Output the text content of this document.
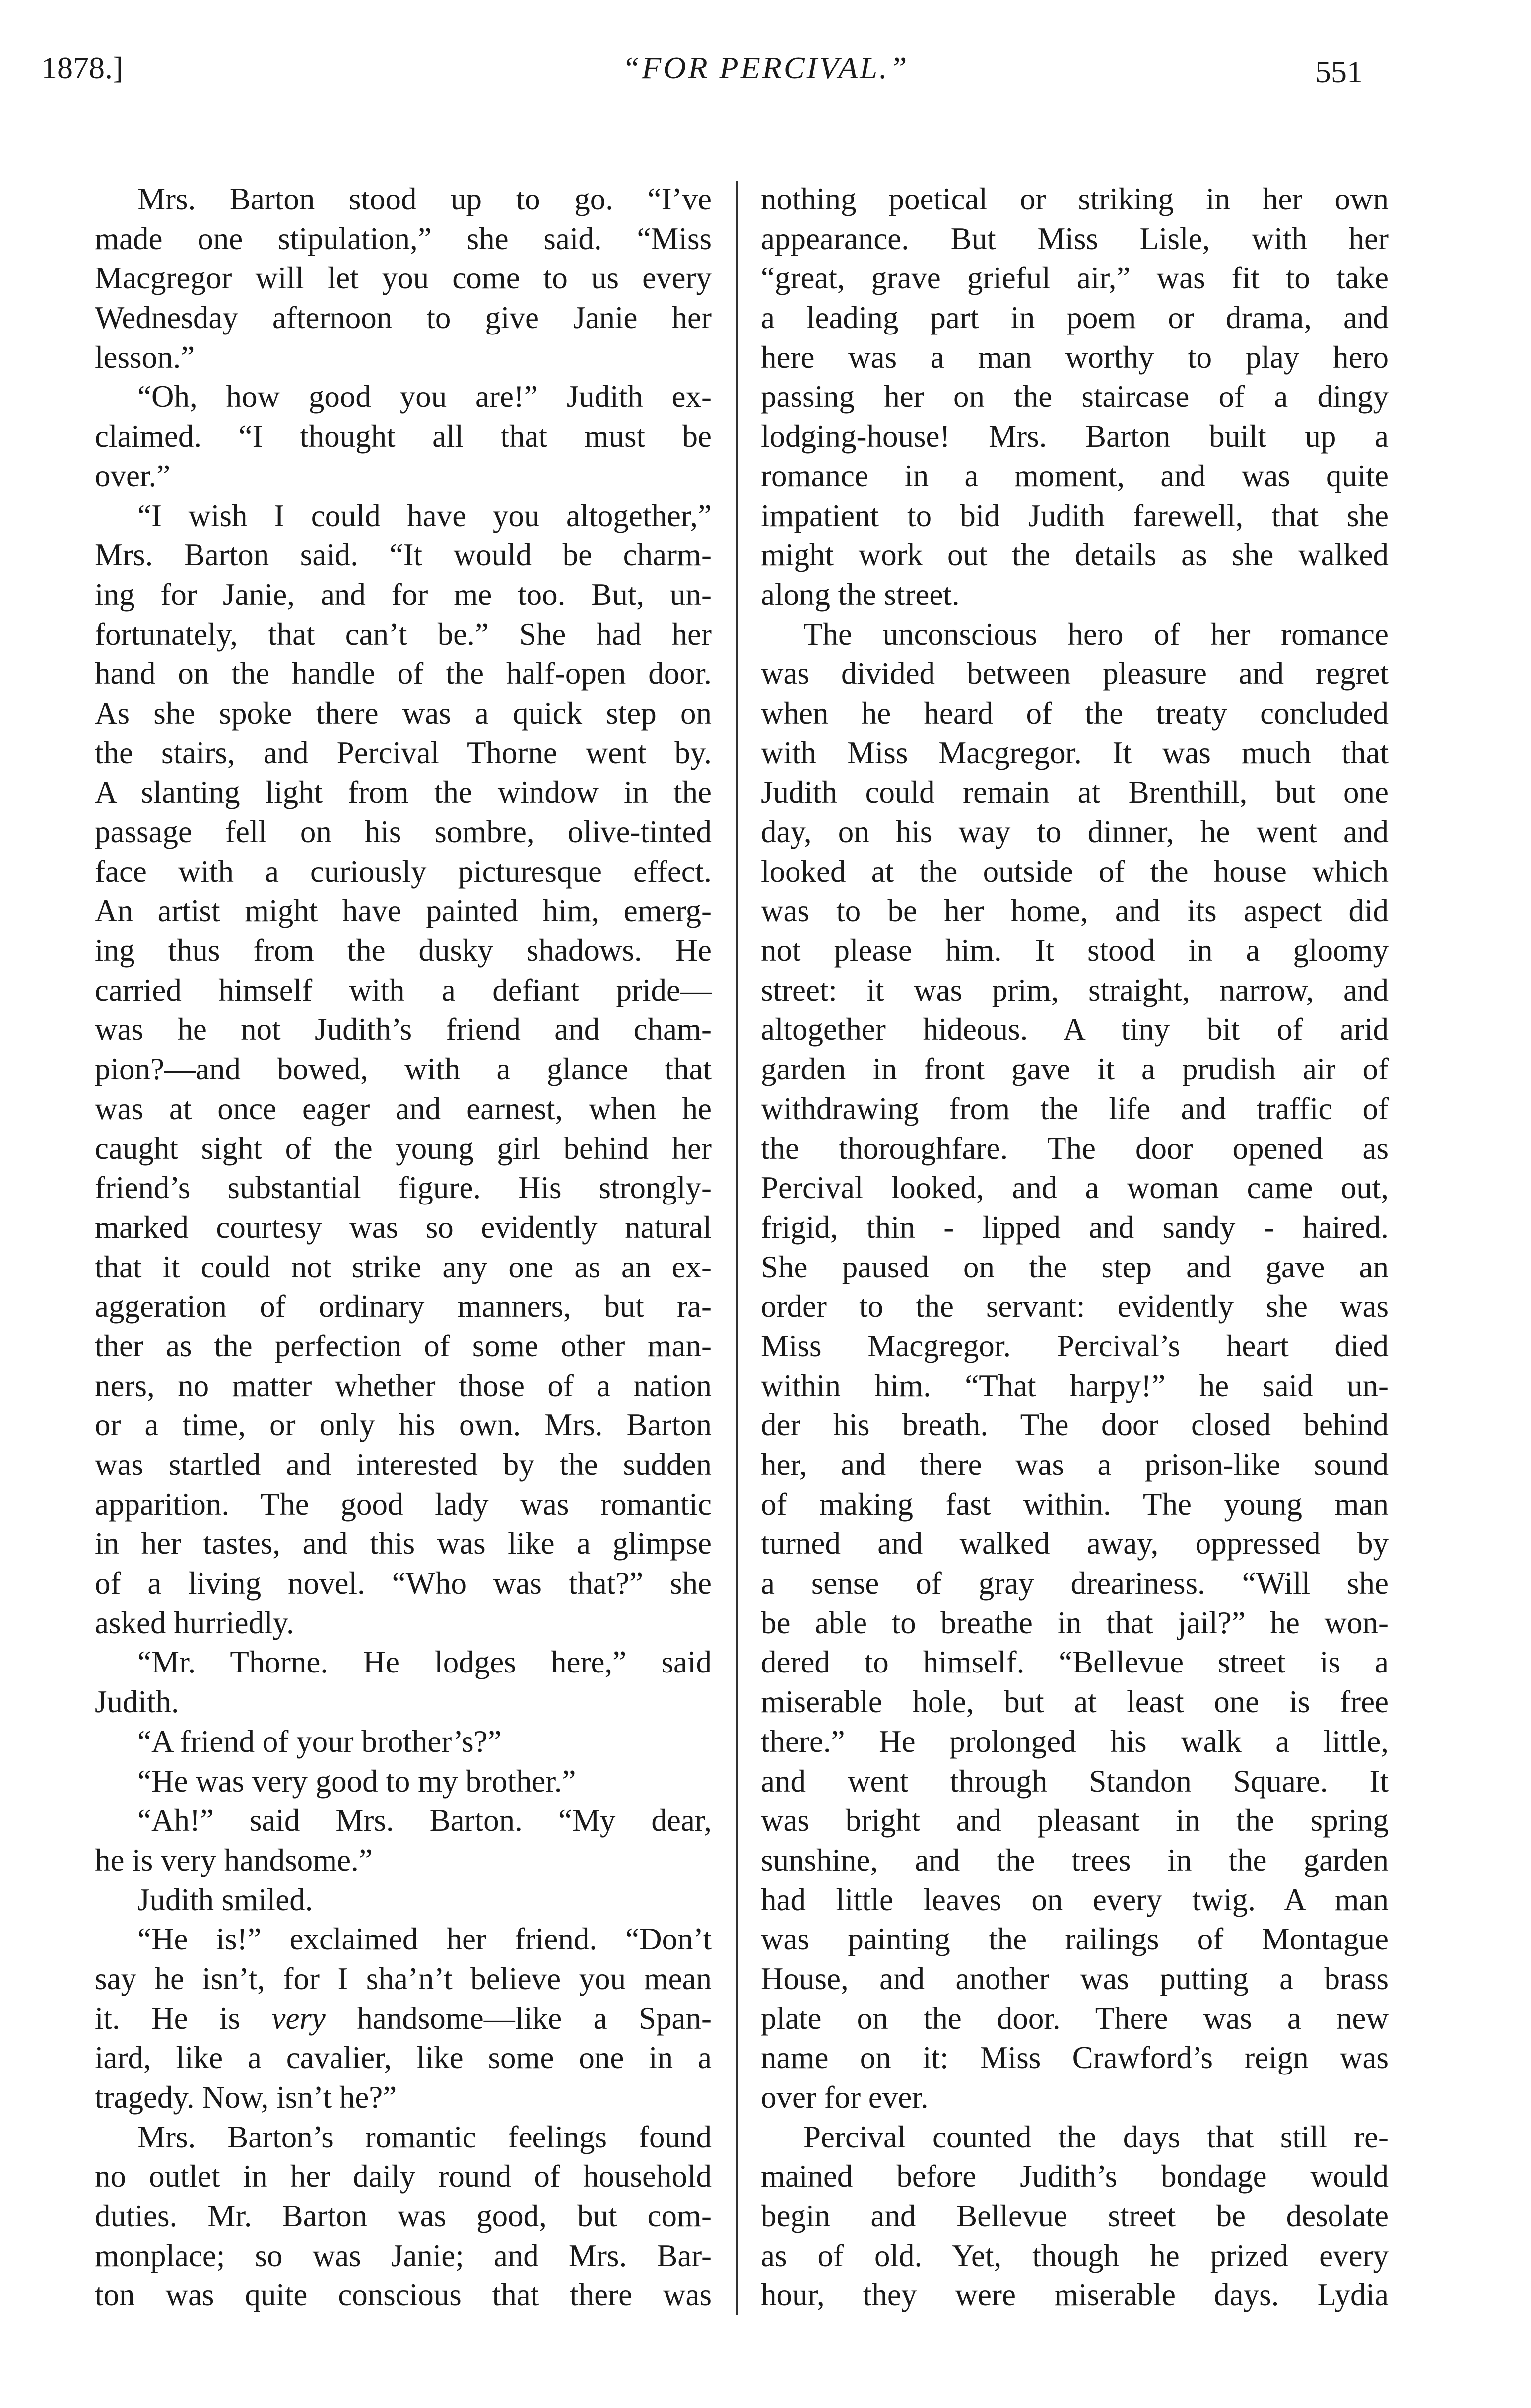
1878.]	“FOR PERCIVAL.”	551
Mrs. Barton stood up to go. “I’ve
made one stipulation,” she said. “Miss
Macgregor will let you come to us every
Wednesday afternoon to give Janie her
lesson.”
“Oh, how good you are!” Judith ex-
claimed. “I thought all that must be
over.”
“I wish I could have you altogether,”
Mrs. Barton said. “It would be charm-
ing for Janie, and for me too. But, un-
fortunately, that can’t be.” She had her
hand on the handle of the half-open door.
As she spoke there was a quick step on
the stairs, and Percival Thorne went by.
A slanting light from the window in the
passage fell on his sombre, olive-tinted
face with a curiously picturesque effect.
An artist might have painted him, emerg-
ing thus from the dusky shadows. He
carried himself with a defiant pride—
was he not Judith’s friend and cham-
pion?—and bowed, with a glance that
was at once eager and earnest, when he
caught sight of the young girl behind her
friend’s substantial figure. His strongly-
marked courtesy was so evidently natural
that it could not strike any one as an ex-
aggeration of ordinary manners, but ra-
ther as the perfection of some other man-
ners, no matter whether those of a nation
or a time, or only his own. Mrs. Barton
was startled and interested by the sudden
apparition. The good lady was romantic
in her tastes, and this was like a glimpse
of a living novel. “Who was that?” she
asked hurriedly.
“Mr. Thorne. He lodges here,” said
Judith.
“A friend of your brother’s?”
“He was very good to my brother.”
“Ah!” said Mrs. Barton. “My dear,
he is very handsome.”
Judith smiled.
“He is!” exclaimed her friend. “Don’t
say he isn’t, for I sha’n’t believe you mean
it. He is very handsome—like a Span-
iard, like a cavalier, like some one in a
tragedy. Now, isn’t he?”
Mrs. Barton’s romantic feelings found
no outlet in her daily round of household
duties. Mr. Barton was good, but com-
monplace; so was Janie; and Mrs. Bar-
ton was quite conscious that there was
nothing poetical or striking in her own
appearance. But Miss Lisle, with her
“great, grave grieful air,” was fit to take
a leading part in poem or drama, and
here was a man worthy to play hero
passing her on the staircase of a dingy
lodging-house! Mrs. Barton built up a
romance in a moment, and was quite
impatient to bid Judith farewell, that she
might work out the details as she walked
along the street.
The unconscious hero of her romance
was divided between pleasure and regret
when he heard of the treaty concluded
with Miss Macgregor. It was much that
Judith could remain at Brenthill, but one
day, on his way to dinner, he went and
looked at the outside of the house which
was to be her home, and its aspect did
not please him. It stood in a gloomy
street: it was prim, straight, narrow, and
altogether hideous. A tiny bit of arid
garden in front gave it a prudish air of
withdrawing from the life and traffic of
the thoroughfare. The door opened as
Percival looked, and a woman came out,
frigid, thin - lipped and sandy - haired.
She paused on the step and gave an
order to the servant: evidently she was
Miss Macgregor. Percival’s heart died
within him. “That harpy!” he said un-
der his breath. The door closed behind
her, and there was a prison-like sound
of making fast within. The young man
turned and walked away, oppressed by
a sense of gray dreariness. “Will she
be able to breathe in that jail?” he won-
dered to himself. “Bellevue street is a
miserable hole, but at least one is free
there.” He prolonged his walk a little,
and went through Standon Square. It
was bright and pleasant in the spring
sunshine, and the trees in the garden
had little leaves on every twig. A man
was painting the railings of Montague
House, and another was putting a brass
plate on the door. There was a new
name on it: Miss Crawford’s reign was
over for ever.
Percival counted the days that still re-
mained before Judith’s bondage would
begin and Bellevue street be desolate
as of old. Yet, though he prized every
hour, they were miserable days. Lydia
